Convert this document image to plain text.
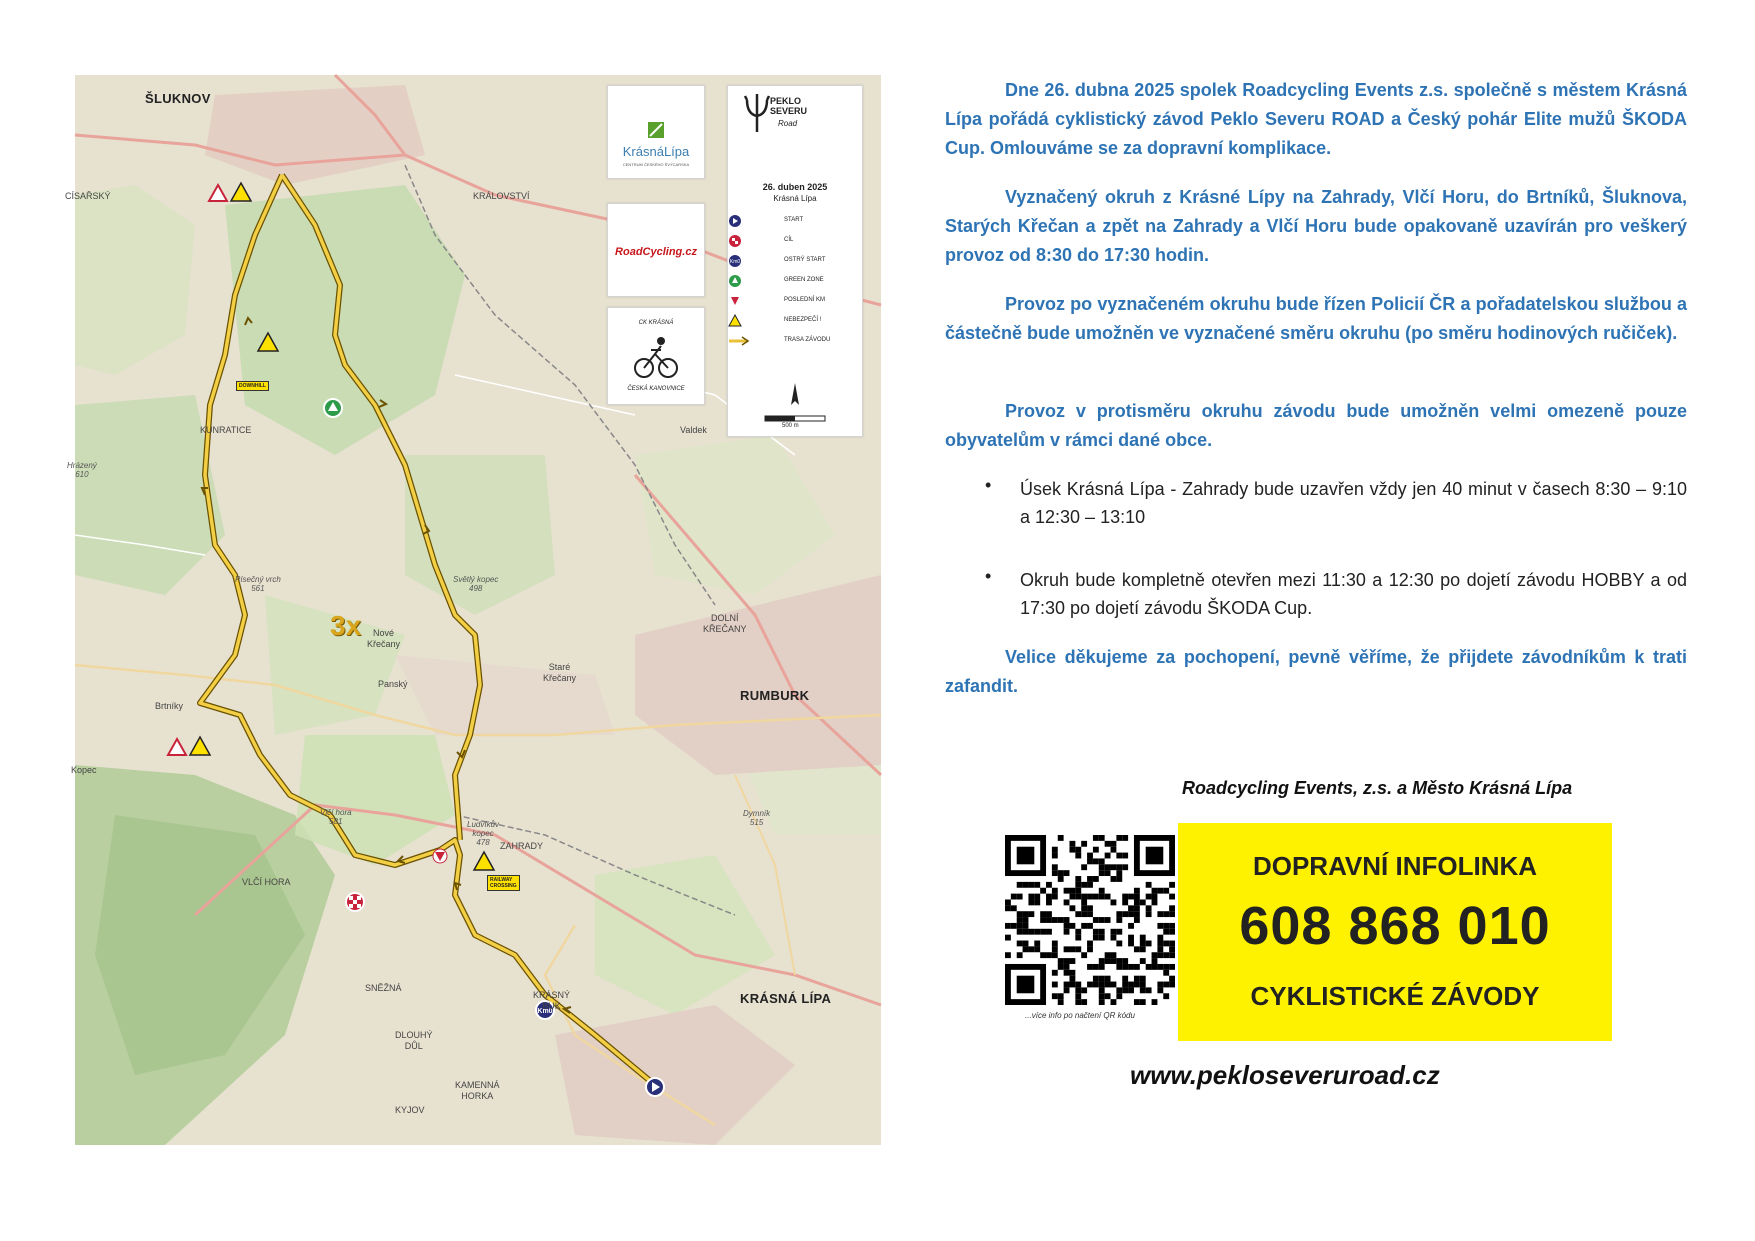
Km0
ŠLUKNOV
RUMBURK
KRÁSNÁ LÍPA
KRÁLOVSTVÍ
CÍSAŘSKÝ
KUNRATICE
Nové
Křečany
Staré
Křečany
DOLNÍ
KŘEČANY
Brtníky
Panský
Kopec
VLČÍ HORA
ZAHRADY
SNĚŽNÁ
KRÁSNÝ
BUK
DLOUHÝ
DŮL
KAMENNÁ
HORKA
KYJOV
Valdek
Hrázený
610
Písečný vrch
561
Vlčí hora
581	Ludvíkův
kopec
478
Světlý kopec
498
Dymník
515
3x
DOWNHILL
RAILWAY
CROSSING
KrásnáLípa
CENTRUM ČESKÉHO ŠVÝCARSKA
RoadCycling.cz
CK KRÁSNÁ
ČESKÁ KANOVNICE
PEKLO
SEVERU
Road
26. duben 2025
Krásná Lípa
START
CÍL
Km0	OSTRÝ START
GREEN ZONE
POSLEDNÍ KM
NEBEZPEČÍ !
TRASA ZÁVODU
500 m
Dne 26. dubna 2025 spolek Roadcycling Events z.s. společně s městem Krásná Lípa pořádá cyklistický závod Peklo Severu ROAD a Český pohár Elite mužů ŠKODA Cup. Omlouváme se za dopravní komplikace.
Vyznačený okruh z Krásné Lípy na Zahrady, Vlčí Horu, do Brtníků, Šluknova, Starých Křečan a zpět na Zahrady a Vlčí Horu bude opakovaně uzavírán pro veškerý provoz od 8:30 do 17:30 hodin.
Provoz po vyznačeném okruhu bude řízen Policií ČR a pořadatelskou službou a částečně bude umožněn ve vyznačené směru okruhu (po směru hodinových ručiček).
Provoz v protisměru okruhu závodu bude umožněn velmi omezeně pouze obyvatelům v rámci dané obce.
• Úsek Krásná Lípa - Zahrady bude uzavřen vždy jen 40 minut v časech 8:30 – 9:10 a 12:30 – 13:10
• Okruh bude kompletně otevřen mezi 11:30 a 12:30 po dojetí závodu HOBBY a od 17:30 po dojetí závodu ŠKODA Cup.
Velice děkujeme za pochopení, pevně věříme, že přijdete závodníkům k trati zafandit.
Roadcycling Events, z.s. a Město Krásná Lípa
...více info po načtení QR kódu
DOPRAVNÍ INFOLINKA
608 868 010
CYKLISTICKÉ ZÁVODY
www.pekloseveruroad.cz
